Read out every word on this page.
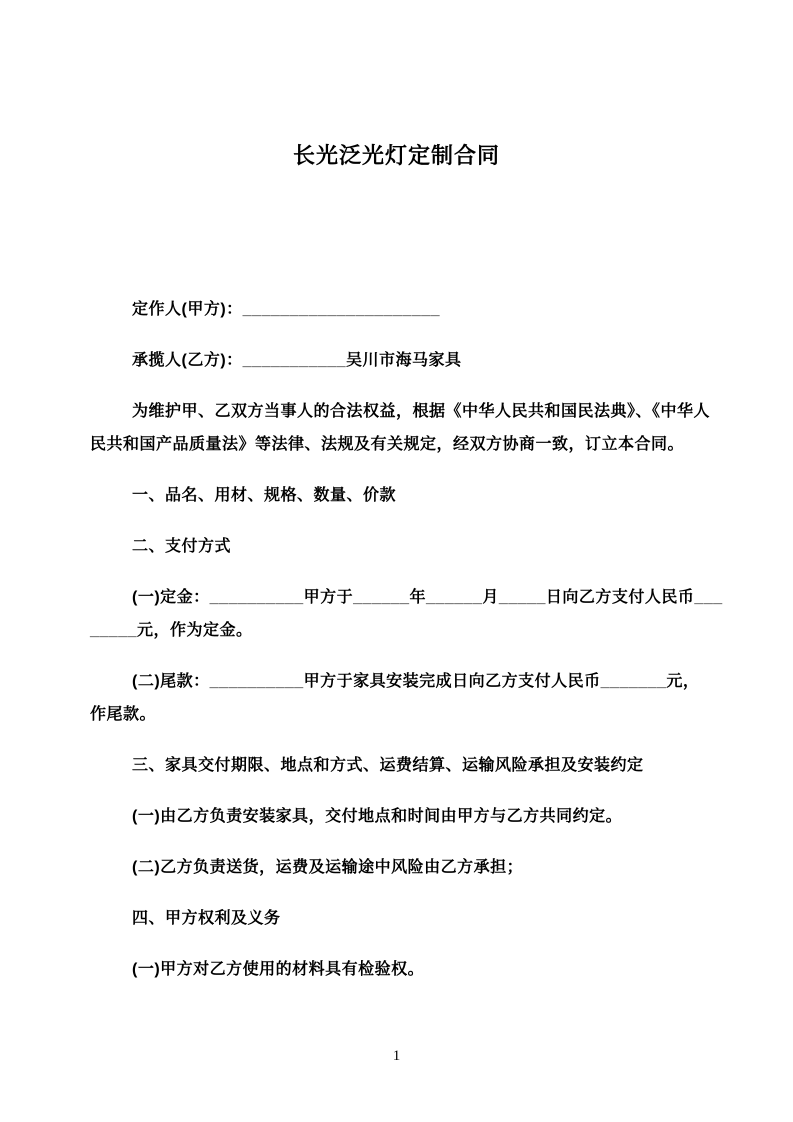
长光泛光灯定制合同
定作人(甲方)：_____________________
承揽人(乙方)：___________吴川市海马家具
为维护甲、乙双方当事人的合法权益，根据《中华人民共和国民法典》、《中华人
民共和国产品质量法》等法律、法规及有关规定，经双方协商一致，订立本合同。
一、品名、用材、规格、数量、价款
二、支付方式
(一)定金：__________甲方于______年______月_____日向乙方支付人民币___
_____元，作为定金。
(二)尾款：__________甲方于家具安装完成日向乙方支付人民币_______元，
作尾款。
三、家具交付期限、地点和方式、运费结算、运输风险承担及安装约定
(一)由乙方负责安装家具，交付地点和时间由甲方与乙方共同约定。
(二)乙方负责送货，运费及运输途中风险由乙方承担；
四、甲方权利及义务
(一)甲方对乙方使用的材料具有检验权。
1
